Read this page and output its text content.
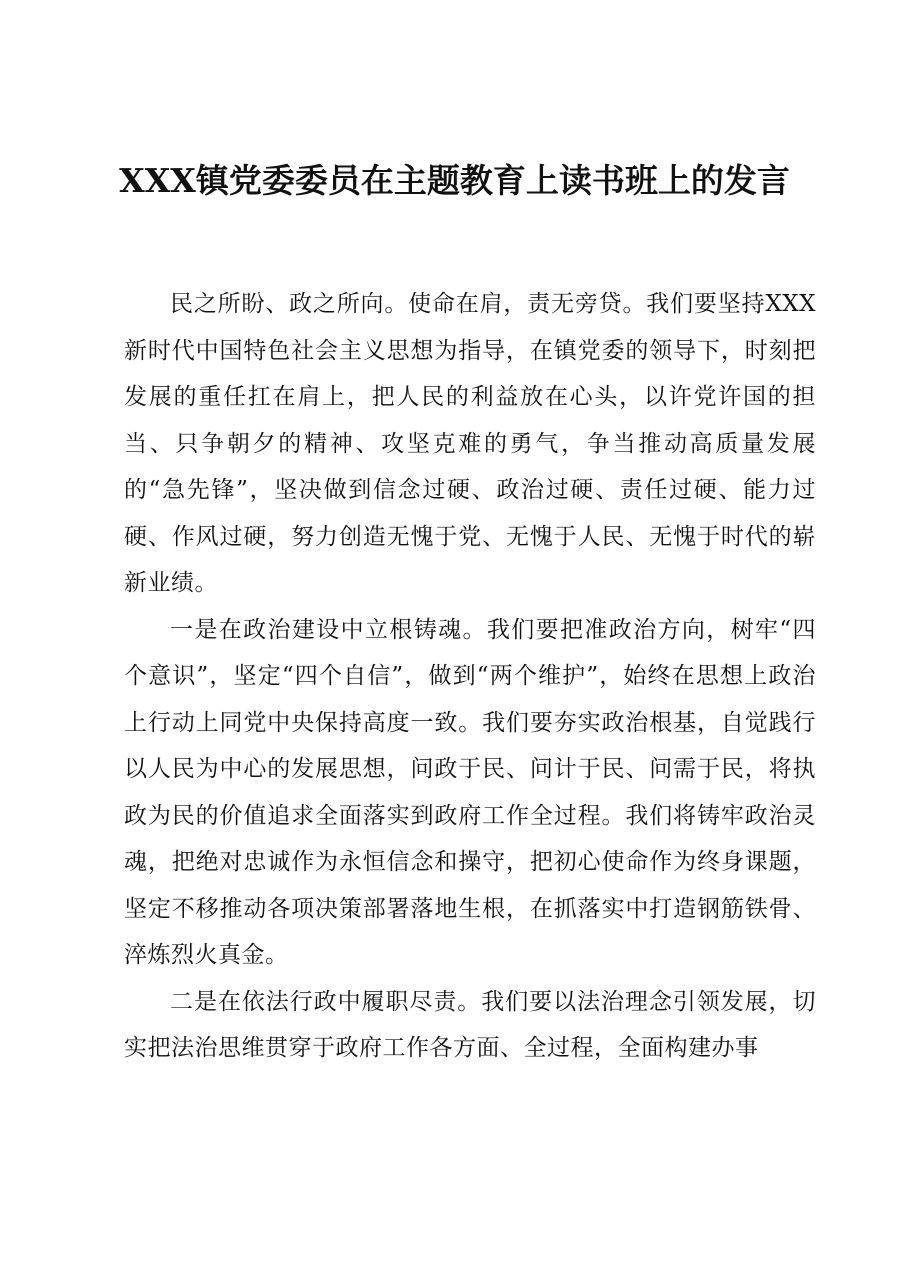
XXX镇党委委员在主题教育上读书班上的发言

民之所盼、政之所向。使命在肩，责无旁贷。我们要坚持XXX新时代中国特色社会主义思想为指导，在镇党委的领导下，时刻把发展的重任扛在肩上，把人民的利益放在心头，以许党许国的担当、只争朝夕的精神、攻坚克难的勇气，争当推动高质量发展的“急先锋”，坚决做到信念过硬、政治过硬、责任过硬、能力过硬、作风过硬，努力创造无愧于党、无愧于人民、无愧于时代的崭新业绩。

一是在政治建设中立根铸魂。我们要把准政治方向，树牢“四个意识”，坚定“四个自信”，做到“两个维护”，始终在思想上政治上行动上同党中央保持高度一致。我们要夯实政治根基，自觉践行以人民为中心的发展思想，问政于民、问计于民、问需于民，将执政为民的价值追求全面落实到政府工作全过程。我们将铸牢政治灵魂，把绝对忠诚作为永恒信念和操守，把初心使命作为终身课题，坚定不移推动各项决策部署落地生根，在抓落实中打造钢筋铁骨、淬炼烈火真金。

二是在依法行政中履职尽责。我们要以法治理念引领发展，切实把法治思维贯穿于政府工作各方面、全过程，全面构建办事
